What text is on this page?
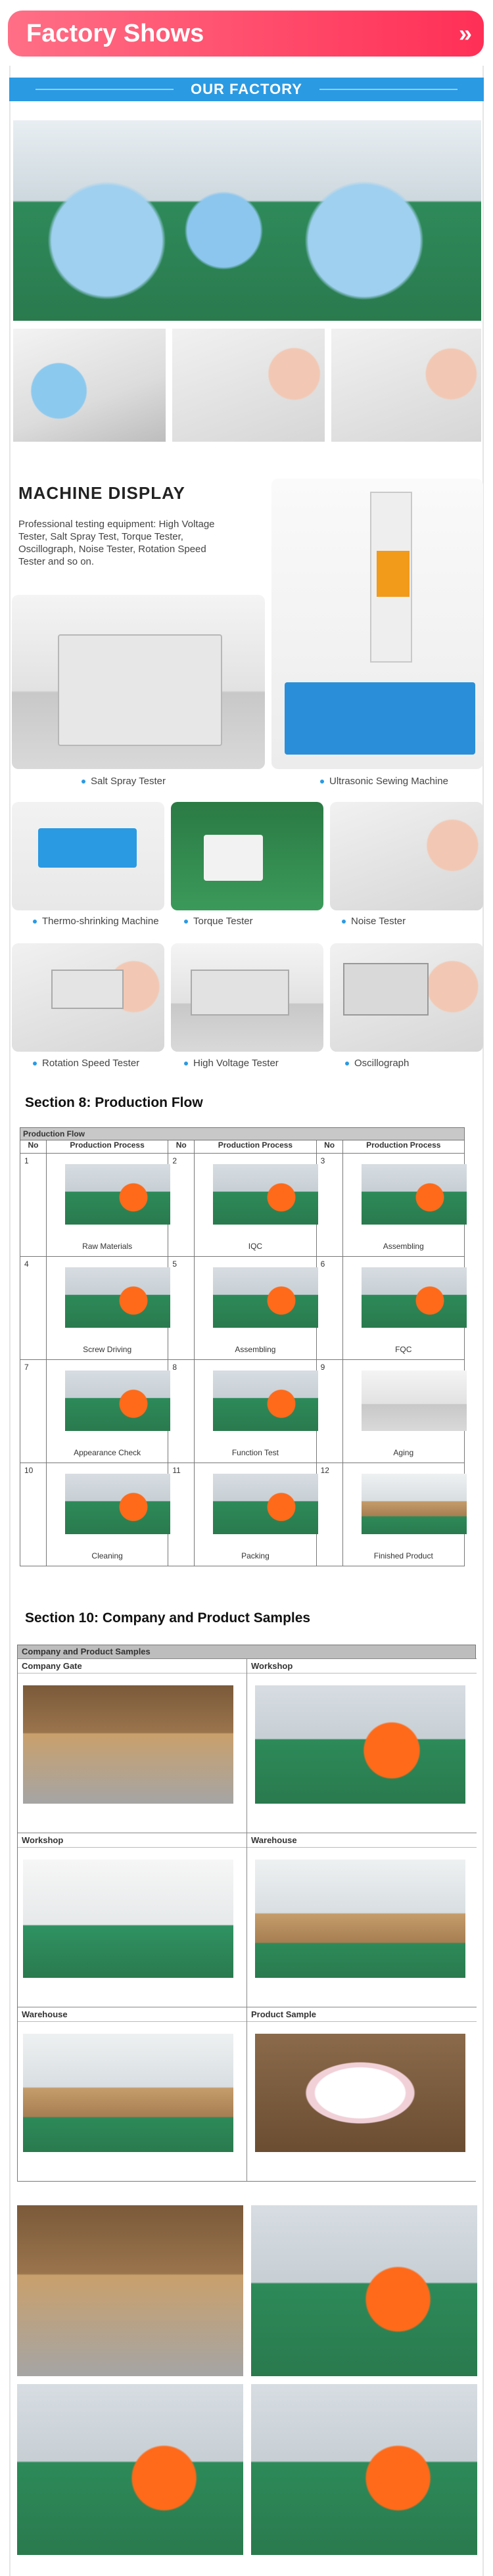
Factory Shows	»
OUR FACTORY
MACHINE DISPLAY
Professional testing equipment: High Voltage Tester, Salt Spray Test, Torque Tester, Oscillograph, Noise Tester, Rotation Speed Tester and so on.
Salt Spray Tester	Ultrasonic Sewing Machine
Thermo-shrinking Machine	Torque Tester	Noise Tester
Rotation Speed Tester	High Voltage Tester	Oscillograph
Section 8: Production Flow
Production Flow					
No	Production Process	No	Production Process	No	Production Process
1	Raw Materials	2	IQC	3	Assembling

4	Screw Driving	5	Assembling	6	FQC

7	Appearance Check	8	Function Test	9	Aging

10	Cleaning	11	Packing	12	Finished Product
Section 10: Company and Product Samples
Company and Product Samples
Company Gate	Workshop
Workshop	Warehouse
Warehouse	Product Sample
